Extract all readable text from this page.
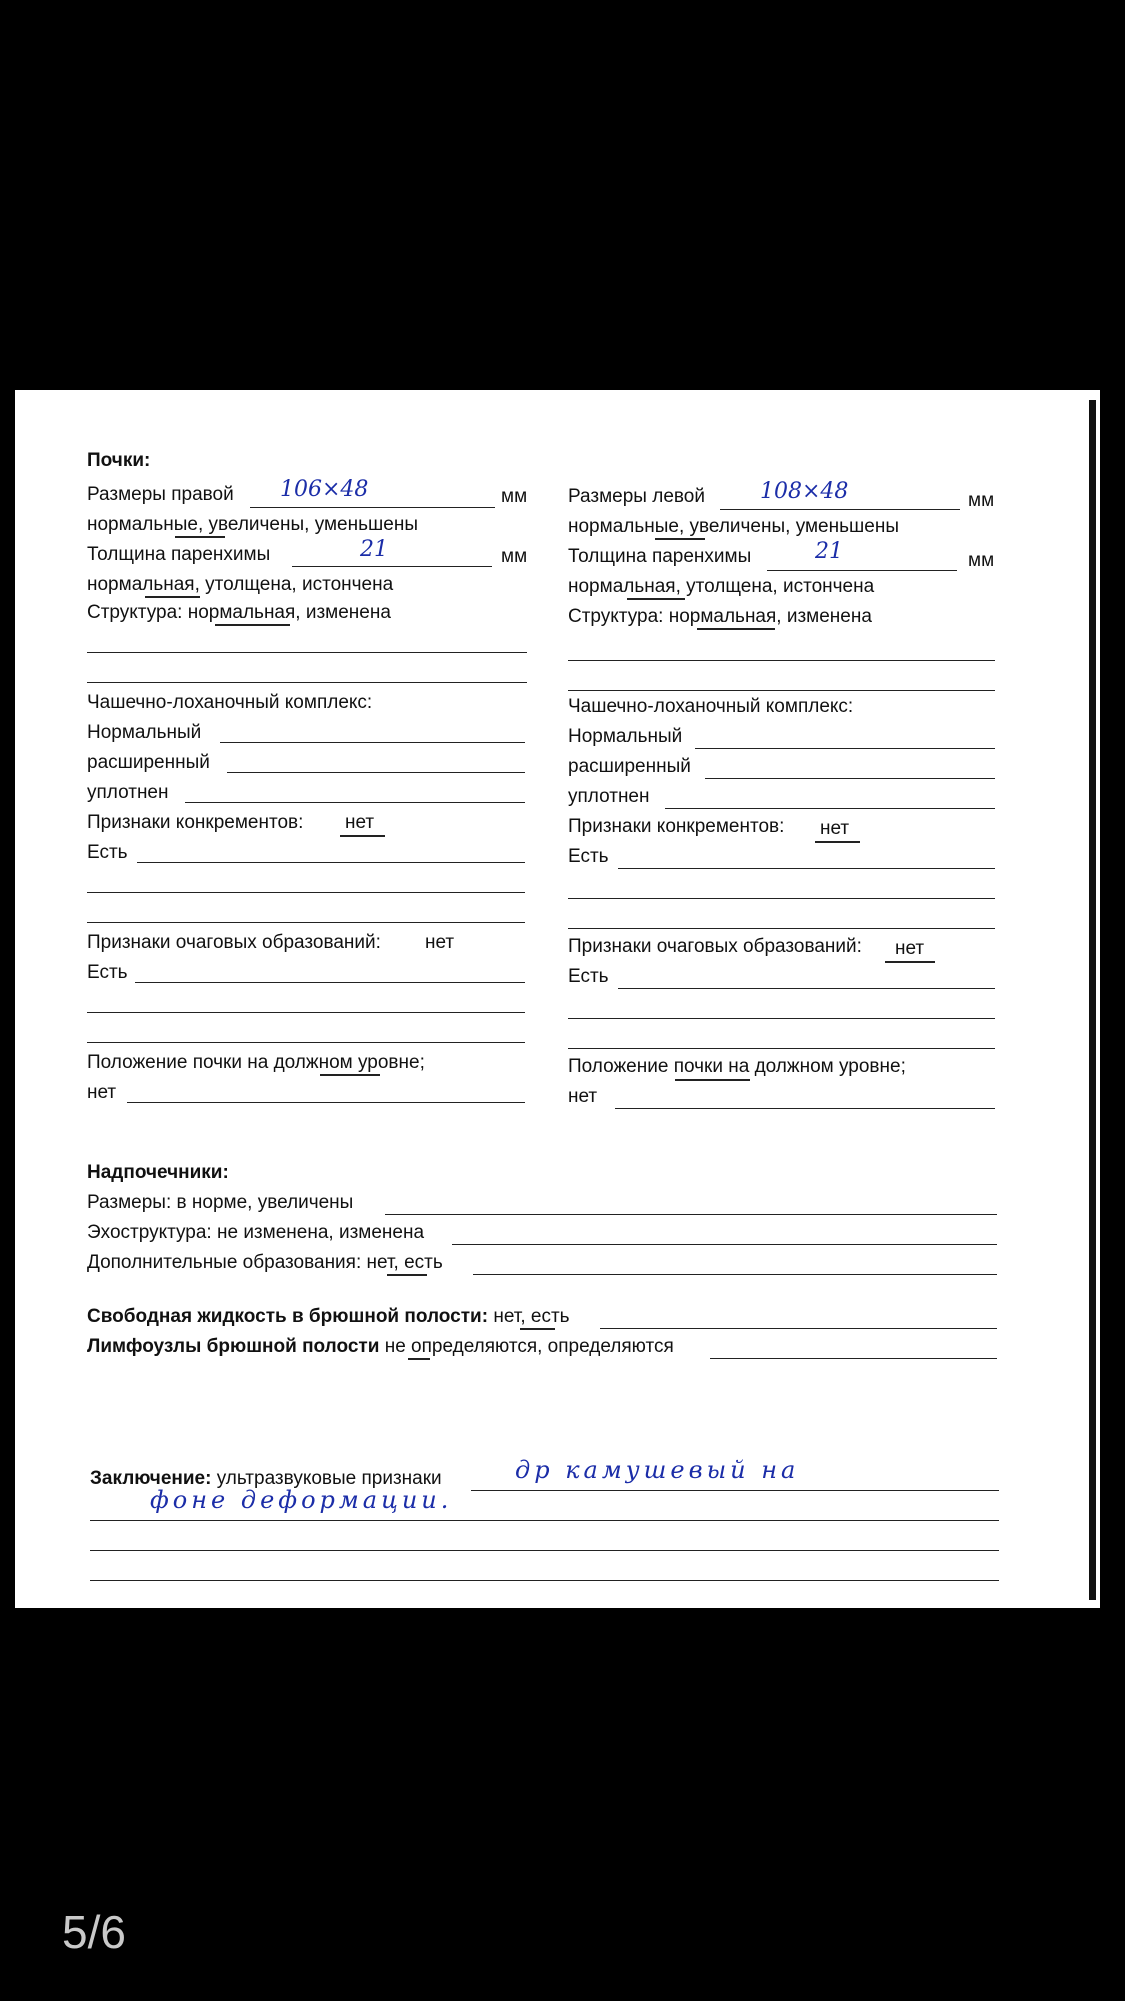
Почки:
Размеры правой 106×48	мм
нормальные, увеличены, уменьшены
Толщина паренхимы	21	мм
нормальная, утолщена, истончена
Структура: нормальная, изменена
Чашечно-лоханочный комплекс:
Нормальный
расширенный
уплотнен
Признаки конкрементов: нет
Есть
Признаки очаговых образований: нет
Есть
Положение почки на должном уровне;
нет
Размеры левой	108×48	мм
нормальные, увеличены, уменьшены
Толщина паренхимы	21	мм
нормальная, утолщена, истончена
Структура: нормальная, изменена
Чашечно-лоханочный комплекс:
Нормальный
расширенный
уплотнен
Признаки конкрементов: нет
Есть
Признаки очаговых образований: нет
Есть
Положение почки на должном уровне;
нет
Надпочечники:
Размеры: в норме, увеличены
Эхоструктура: не изменена, изменена
Дополнительные образования: нет, есть
Свободная жидкость в брюшной полости: нет, есть
Лимфоузлы брюшной полости не определяются, определяются
Заключение: ультразвуковые признаки	др камушевый на
фоне деформации.
5/6
